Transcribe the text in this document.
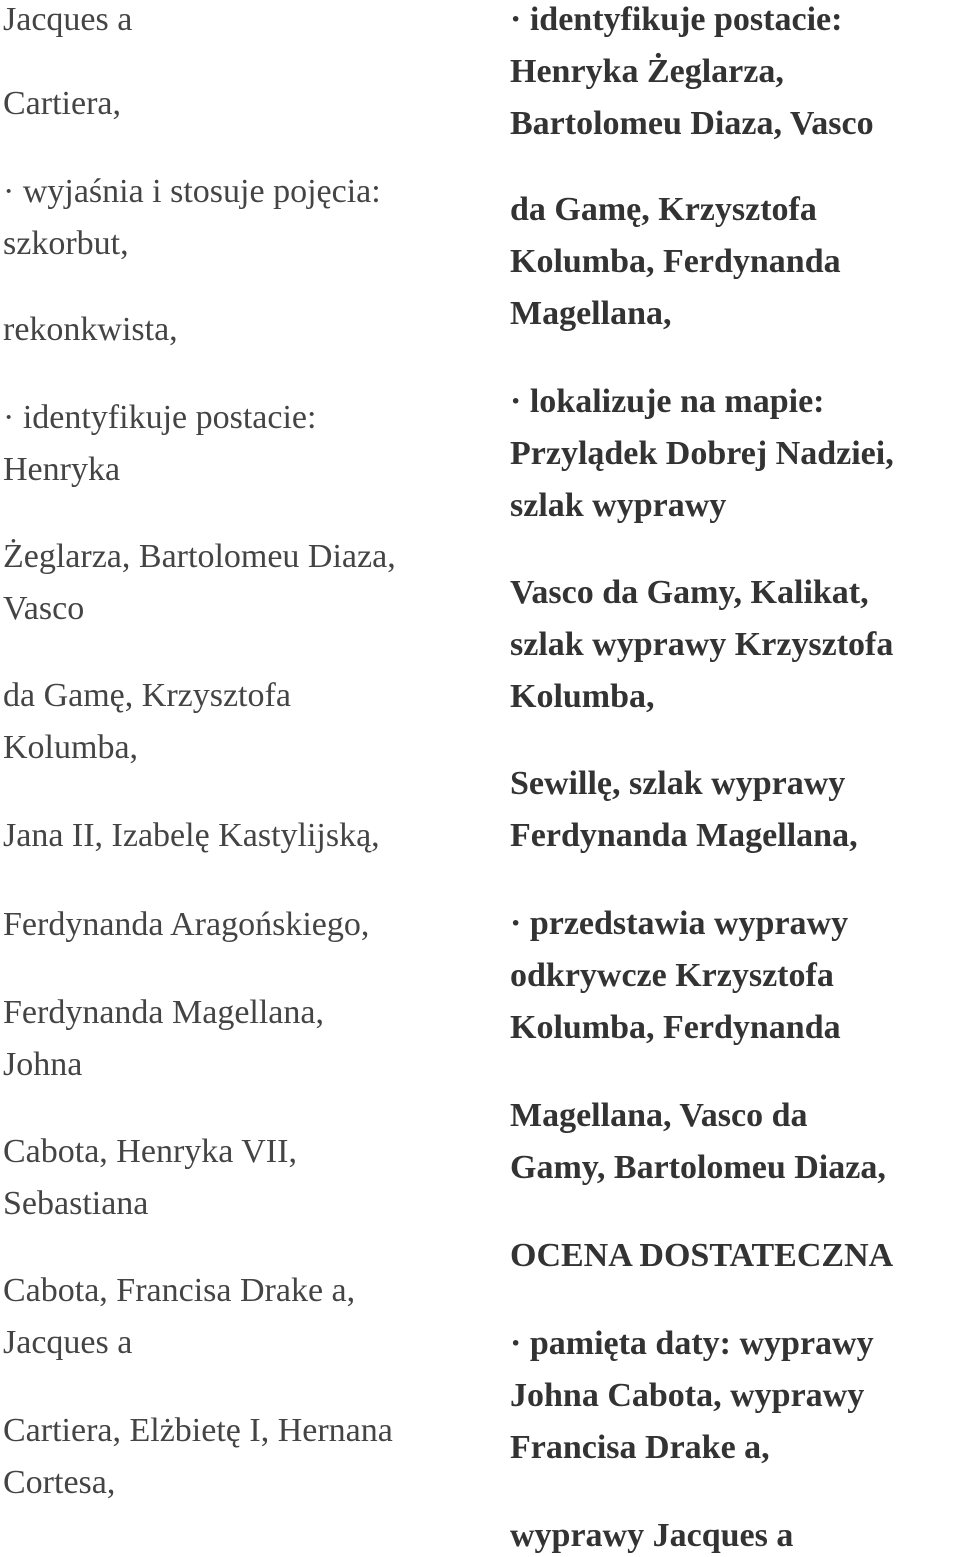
Jacques a
Cartiera,
· wyjaśnia i stosuje pojęcia:
szkorbut,
rekonkwista,
· identyfikuje postacie:
Henryka
Żeglarza, Bartolomeu Diaza,
Vasco
da Gamę, Krzysztofa
Kolumba,
Jana II, Izabelę Kastylijską,
Ferdynanda Aragońskiego,
Ferdynanda Magellana,
Johna
Cabota, Henryka VII,
Sebastiana
Cabota, Francisa Drake a,
Jacques a
Cartiera, Elżbietę I, Hernana
Cortesa,
· identyfikuje postacie:
Henryka Żeglarza,
Bartolomeu Diaza, Vasco
da Gamę, Krzysztofa
Kolumba, Ferdynanda
Magellana,
· lokalizuje na mapie:
Przylądek Dobrej Nadziei,
szlak wyprawy
Vasco da Gamy, Kalikat,
szlak wyprawy Krzysztofa
Kolumba,
Sewillę, szlak wyprawy
Ferdynanda Magellana,
· przedstawia wyprawy
odkrywcze Krzysztofa
Kolumba, Ferdynanda
Magellana, Vasco da
Gamy, Bartolomeu Diaza,
OCENA DOSTATECZNA
· pamięta daty: wyprawy
Johna Cabota, wyprawy
Francisa Drake a,
wyprawy Jacques a
